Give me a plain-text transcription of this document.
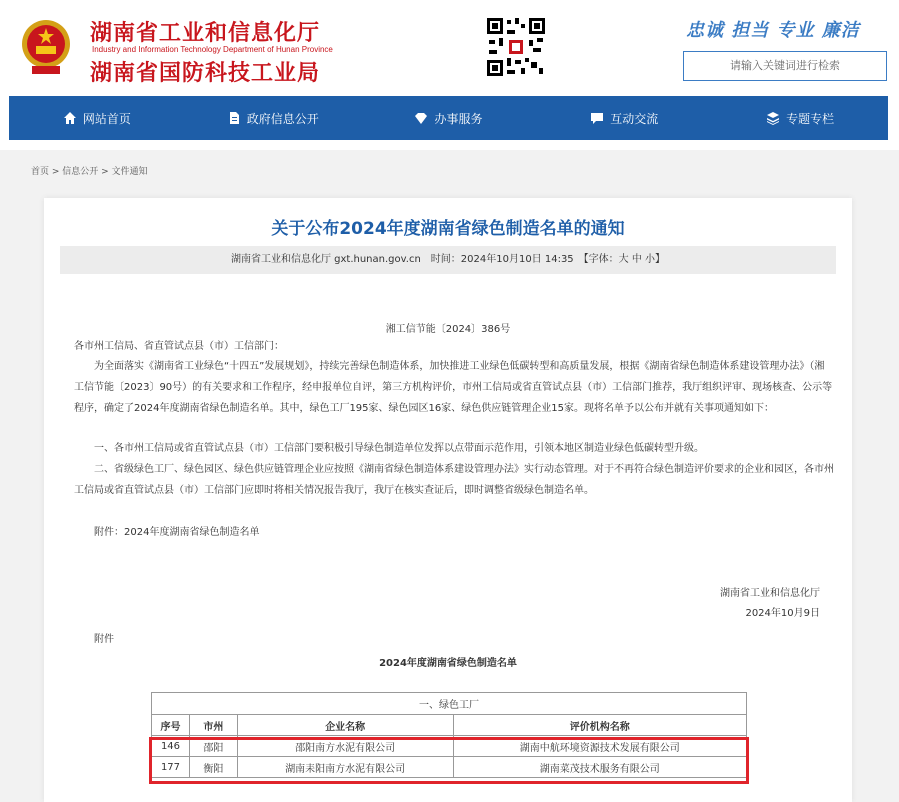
湖南省工业和信息化厅
Industry and Information Technology Department of Hunan Province
湖南省国防科技工业局
忠诚 担当 专业 廉洁
请输入关键词进行检索
网站首页	政府信息公开	办事服务	互动交流	专题专栏
首页 > 信息公开 > 文件通知
关于公布2024年度湖南省绿色制造名单的通知
湖南省工业和信息化厅 gxt.hunan.gov.cn　时间：2024年10月10日 14:35　【字体：大 中 小】
湘工信节能〔2024〕386号
各市州工信局、省直管试点县（市）工信部门：
为全面落实《湖南省工业绿色“十四五”发展规划》，持续完善绿色制造体系，加快推进工业绿色低碳转型和高质量发展，根据《湖南省绿色制造体系建设管理办法》（湘工信节能〔2023〕90号）的有关要求和工作程序，经申报单位自评，第三方机构评价，市州工信局或省直管试点县（市）工信部门推荐，我厅组织评审、现场核查、公示等程序，确定了2024年度湖南省绿色制造名单。其中，绿色工厂195家、绿色园区16家、绿色供应链管理企业15家。现将名单予以公布并就有关事项通知如下：
一、各市州工信局或省直管试点县（市）工信部门要积极引导绿色制造单位发挥以点带面示范作用，引领本地区制造业绿色低碳转型升级。
二、省级绿色工厂、绿色园区、绿色供应链管理企业应按照《湖南省绿色制造体系建设管理办法》实行动态管理。对于不再符合绿色制造评价要求的企业和园区，各市州工信局或省直管试点县（市）工信部门应即时将相关情况报告我厅，我厅在核实查证后，即时调整省级绿色制造名单。
附件：2024年度湖南省绿色制造名单
湖南省工业和信息化厅
2024年10月9日
附件
2024年度湖南省绿色制造名单
一、绿色工厂			
序号	市州	企业名称	评价机构名称
146	邵阳	邵阳南方水泥有限公司	湖南中航环境资源技术发展有限公司
177	衡阳	湖南耒阳南方水泥有限公司	湖南菜茂技术服务有限公司
